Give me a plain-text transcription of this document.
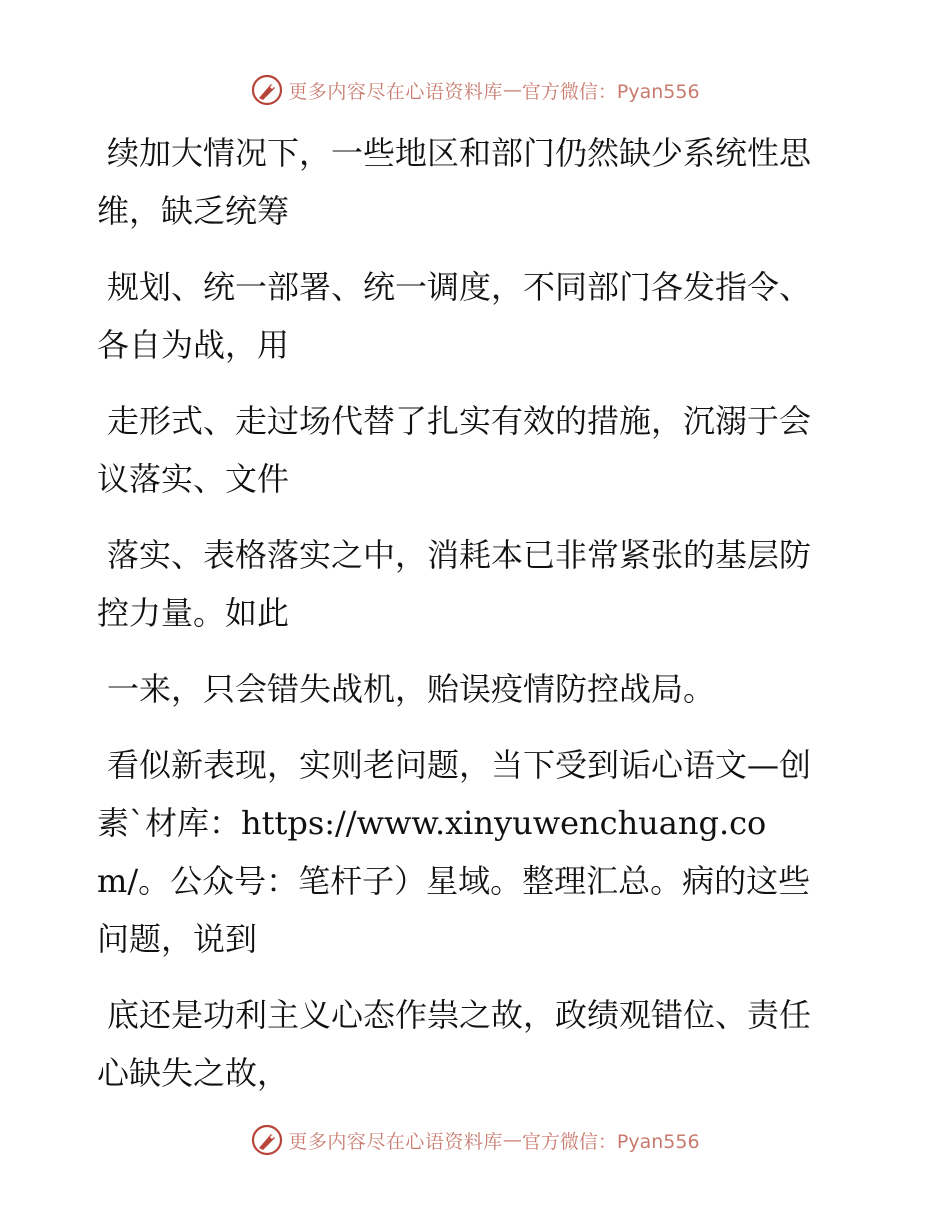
更多内容尽在心语资料库 — 官方微信：Pyan556

续加大情况下，一些地区和部门仍然缺少系统性思维，缺乏统筹

规划、统一部署、统一调度，不同部门各发指令、各自为战，用

走形式、走过场代替了扎实有效的措施，沉溺于会议落实、文件

落实、表格落实之中，消耗本已非常紧张的基层防控力量。如此

一来，只会错失战机，贻误疫情防控战局。

看似新表现，实则老问题，当下受到诟心语文—创素`材库：https://www.xinyuwenchuang.com/。公众号：笔杆子）星域。整理汇总。病的这些问题，说到

底还是功利主义心态作祟之故，政绩观错位、责任心缺失之故，

更多内容尽在心语资料库 — 官方微信：Pyan556
